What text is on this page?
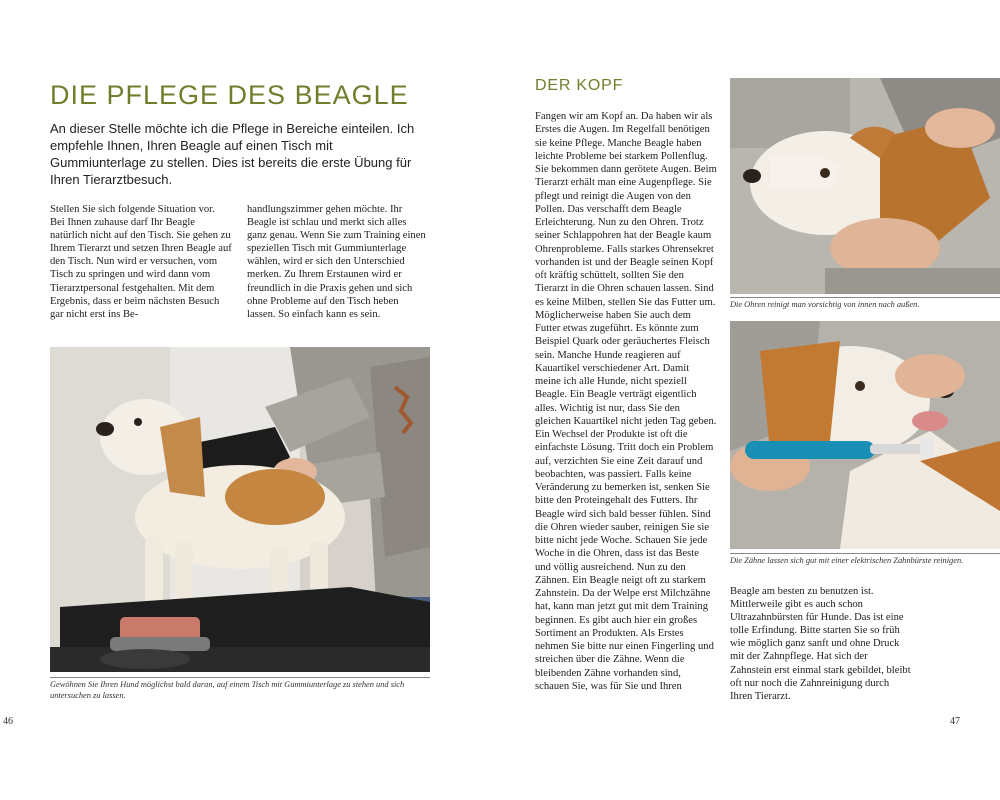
DIE PFLEGE DES BEAGLE

An dieser Stelle möchte ich die Pflege in Bereiche einteilen. Ich empfehle Ihnen, Ihren Beagle auf einen Tisch mit Gummiunterlage zu stellen. Dies ist bereits die erste Übung für Ihren Tierarztbesuch.

Stellen Sie sich folgende Situation vor. Bei Ihnen zuhause darf Ihr Beagle natürlich nicht auf den Tisch. Sie gehen zu Ihrem Tierarzt und setzen Ihren Beagle auf den Tisch. Nun wird er versuchen, vom Tisch zu springen und wird dann vom Tierarztpersonal festgehalten. Mit dem Ergebnis, dass er beim nächsten Besuch gar nicht erst ins Be-

handlungszimmer gehen möchte. Ihr Beagle ist schlau und merkt sich alles ganz genau. Wenn Sie zum Training einen speziellen Tisch mit Gummiunterlage wählen, wird er sich den Unterschied merken. Zu Ihrem Erstaunen wird er freundlich in die Praxis gehen und sich ohne Probleme auf den Tisch heben lassen. So einfach kann es sein.

Gewöhnen Sie Ihren Hund möglichst bald daran, auf einem Tisch mit Gummiunterlage zu stehen und sich untersuchen zu lassen.

46
DER KOPF

Fangen wir am Kopf an. Da haben wir als Erstes die Augen. Im Regelfall benötigen sie keine Pflege. Manche Beagle haben leichte Probleme bei starkem Pollenflug. Sie bekommen dann gerötete Augen. Beim Tierarzt erhält man eine Augenpflege. Sie pflegt und reinigt die Augen von den Pollen. Das verschafft dem Beagle Erleichterung. Nun zu den Ohren. Trotz seiner Schlappohren hat der Beagle kaum Ohrenprobleme. Falls starkes Ohrensekret vorhanden ist und der Beagle seinen Kopf oft kräftig schüttelt, sollten Sie den Tierarzt in die Ohren schauen lassen. Sind es keine Milben, stellen Sie das Futter um. Möglicherweise haben Sie auch dem Futter etwas zugeführt. Es könnte zum Beispiel Quark oder geräuchertes Fleisch sein. Manche Hunde reagieren auf Kauartikel verschiedener Art. Damit meine ich alle Hunde, nicht speziell Beagle. Ein Beagle verträgt eigentlich alles. Wichtig ist nur, dass Sie den gleichen Kauartikel nicht jeden Tag geben. Ein Wechsel der Produkte ist oft die einfachste Lösung. Tritt doch ein Problem auf, verzichten Sie eine Zeit darauf und beobachten, was passiert. Falls keine Veränderung zu bemerken ist, senken Sie bitte den Proteingehalt des Futters. Ihr Beagle wird sich bald besser fühlen. Sind die Ohren wieder sauber, reinigen Sie sie bitte nicht jede Woche. Schauen Sie jede Woche in die Ohren, dass ist das Beste und völlig ausreichend. Nun zu den Zähnen. Ein Beagle neigt oft zu starkem Zahnstein. Da der Welpe erst Milchzähne hat, kann man jetzt gut mit dem Training beginnen. Es gibt auch hier ein großes Sortiment an Produkten. Als Erstes nehmen Sie bitte nur einen Fingerling und streichen über die Zähne. Wenn die bleibenden Zähne vorhanden sind, schauen Sie, was für Sie und Ihren

Die Ohren reinigt man vorsichtig von innen nach außen.

Die Zähne lassen sich gut mit einer elektrischen Zahnbürste reinigen.

Beagle am besten zu benutzen ist. Mittlerweile gibt es auch schon Ultrazahnbürsten für Hunde. Das ist eine tolle Erfindung. Bitte starten Sie so früh wie möglich ganz sanft und ohne Druck mit der Zahnpflege. Hat sich der Zahnstein erst einmal stark gebildet, bleibt oft nur noch die Zahnreinigung durch Ihren Tierarzt.

47
